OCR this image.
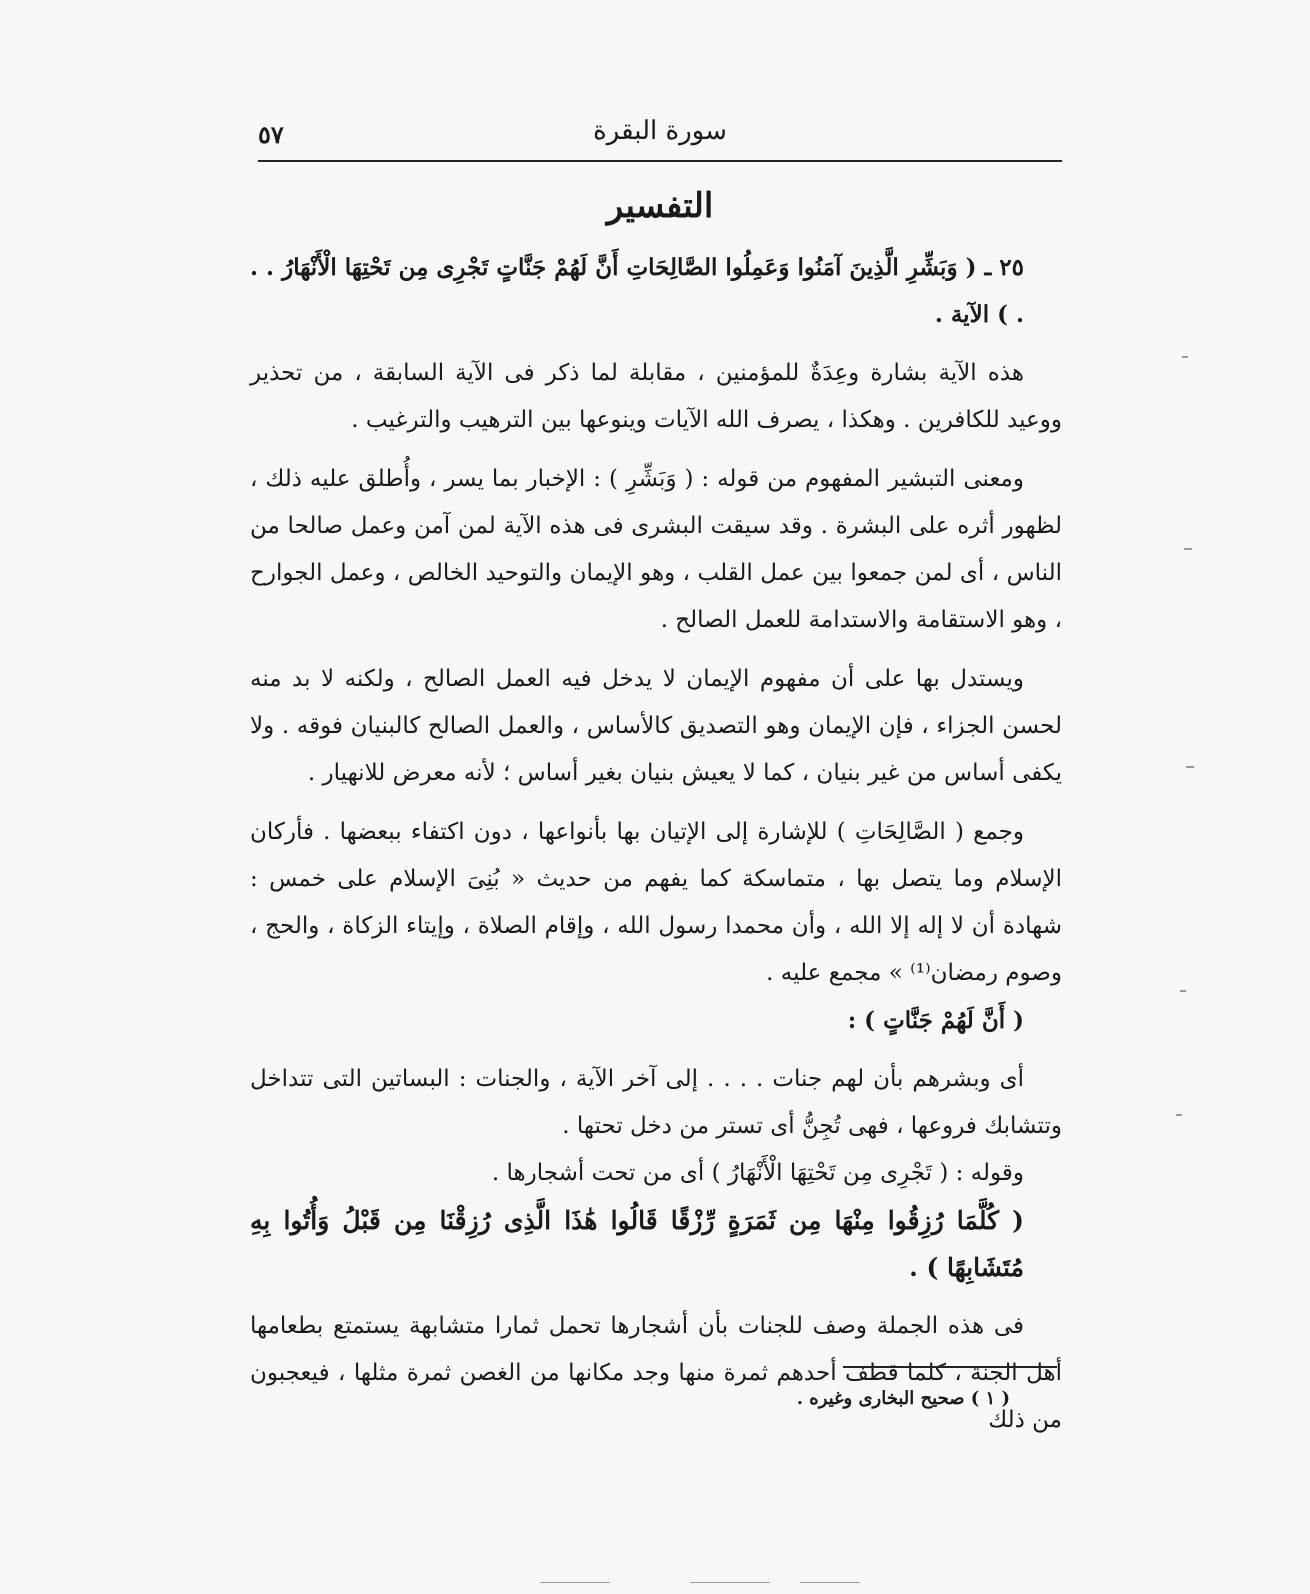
٥٧	سورة البقرة
التفسير

٢٥ ـ ( وَبَشِّرِ الَّذِينَ آمَنُوا وَعَمِلُوا الصَّالِحَاتِ أَنَّ لَهُمْ جَنَّاتٍ تَجْرِى مِن تَحْتِهَا الْأَنْهَارُ . . . ) الآية .

هذه الآية بشارة وعِدَةٌ للمؤمنين ، مقابلة لما ذكر فى الآية السابقة ، من تحذير ووعيد للكافرين . وهكذا ، يصرف الله الآيات وينوعها بين الترهيب والترغيب .

ومعنى التبشير المفهوم من قوله : ( وَبَشِّرِ ) : الإخبار بما يسر ، وأُطلق عليه ذلك ، لظهور أثره على البشرة . وقد سيقت البشرى فى هذه الآية لمن آمن وعمل صالحا من الناس ، أى لمن جمعوا بين عمل القلب ، وهو الإيمان والتوحيد الخالص ، وعمل الجوارح ، وهو الاستقامة والاستدامة للعمل الصالح .

ويستدل بها على أن مفهوم الإيمان لا يدخل فيه العمل الصالح ، ولكنه لا بد منه لحسن الجزاء ، فإن الإيمان وهو التصديق كالأساس ، والعمل الصالح كالبنيان فوقه . ولا يكفى أساس من غير بنيان ، كما لا يعيش بنيان بغير أساس ؛ لأنه معرض للانهيار .

وجمع ( الصَّالِحَاتِ ) للإشارة إلى الإتيان بها بأنواعها ، دون اكتفاء ببعضها . فأركان الإسلام وما يتصل بها ، متماسكة كما يفهم من حديث « بُنِىَ الإسلام على خمس : شهادة أن لا إله إلا الله ، وأن محمدا رسول الله ، وإقام الصلاة ، وإيتاء الزكاة ، والحج ، وصوم رمضان⁽¹⁾ » مجمع عليه .

( أَنَّ لَهُمْ جَنَّاتٍ ) :

أى وبشرهم بأن لهم جنات . . . . إلى آخر الآية ، والجنات : البساتين التى تتداخل وتتشابك فروعها ، فهى تُجِنُّ أى تستر من دخل تحتها .

وقوله : ( تَجْرِى مِن تَحْتِهَا الْأَنْهَارُ ) أى من تحت أشجارها .

( كُلَّمَا رُزِقُوا مِنْهَا مِن ثَمَرَةٍ رِّزْقًا قَالُوا هَٰذَا الَّذِى رُزِقْنَا مِن قَبْلُ وَأُتُوا بِهِ مُتَشَابِهًا ) .

فى هذه الجملة وصف للجنات بأن أشجارها تحمل ثمارا متشابهة يستمتع بطعامها أهل الجنة ، كلما قطف أحدهم ثمرة منها وجد مكانها من الغصن ثمرة مثلها ، فيعجبون من ذلك

( ١ ) صحيح البخارى وغيره .
